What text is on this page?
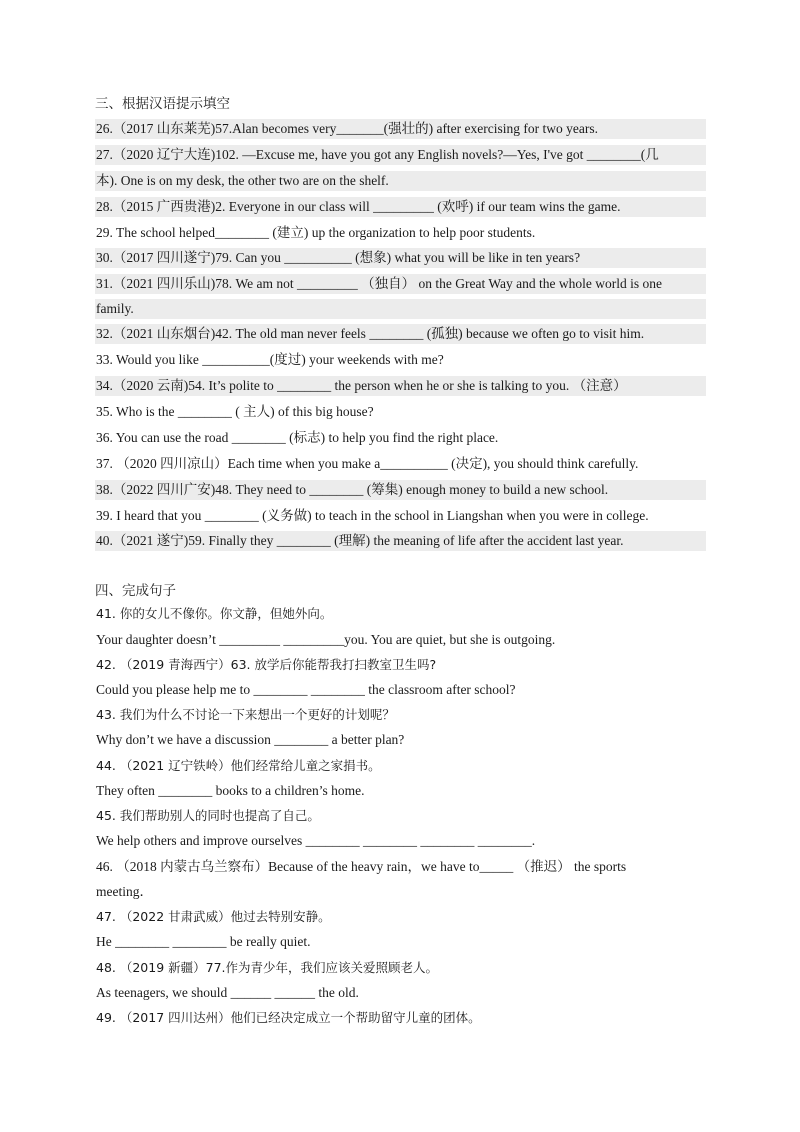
三、根据汉语提示填空
26.（2017 山东莱芜)57.Alan becomes very_______(强壮的) after exercising for two years.
27.（2020 辽宁大连)102. —Excuse me, have you got any English novels?—Yes, I've got ________(几
本). One is on my desk, the other two are on the shelf.
28.（2015 广西贵港)2. Everyone in our class will _________ (欢呼) if our team wins the game.
29. The school helped________ (建立) up the organization to help poor students.
30.（2017 四川遂宁)79. Can you __________ (想象) what you will be like in ten years?
31.（2021 四川乐山)78. We am not _________ （独自） on the Great Way and the whole world is one
family.
32.（2021 山东烟台)42. The old man never feels ________ (孤独) because we often go to visit him.
33. Would you like __________(度过) your weekends with me?
34.（2020 云南)54. It’s polite to ________ the person when he or she is talking to you. （注意）
35. Who is the ________ ( 主人) of this big house?
36. You can use the road ________ (标志) to help you find the right place.
37. （2020 四川凉山）Each time when you make a__________ (决定), you should think carefully.
38.（2022 四川广安)48. They need to ________ (筹集) enough money to build a new school.
39. I heard that you ________ (义务做) to teach in the school in Liangshan when you were in college.
40.（2021 遂宁)59. Finally they ________ (理解) the meaning of life after the accident last year.
四、完成句子
41. 你的女儿不像你。你文静，但她外向。
Your daughter doesn’t _________ _________you. You are quiet, but she is outgoing.
42. （2019 青海西宁）63. 放学后你能帮我打扫教室卫生吗?
Could you please help me to ________ ________ the classroom after school?
43. 我们为什么不讨论一下来想出一个更好的计划呢？
Why don’t we have a discussion ________ a better plan?
44. （2021 辽宁铁岭）他们经常给儿童之家捐书。
They often ________ books to a children’s home.
45. 我们帮助别人的同时也提高了自己。
We help others and improve ourselves ________ ________ ________ ________.
46. （2018 内蒙古乌兰察布）Because of the heavy rain，we have to_____ （推迟） the sports
meeting．
47. （2022 甘肃武威）他过去特别安静。
He ________ ________ be really quiet.
48. （2019 新疆）77.作为青少年，我们应该关爱照顾老人。
As teenagers, we should ______ ______ the old.
49. （2017 四川达州）他们已经决定成立一个帮助留守儿童的团体。
